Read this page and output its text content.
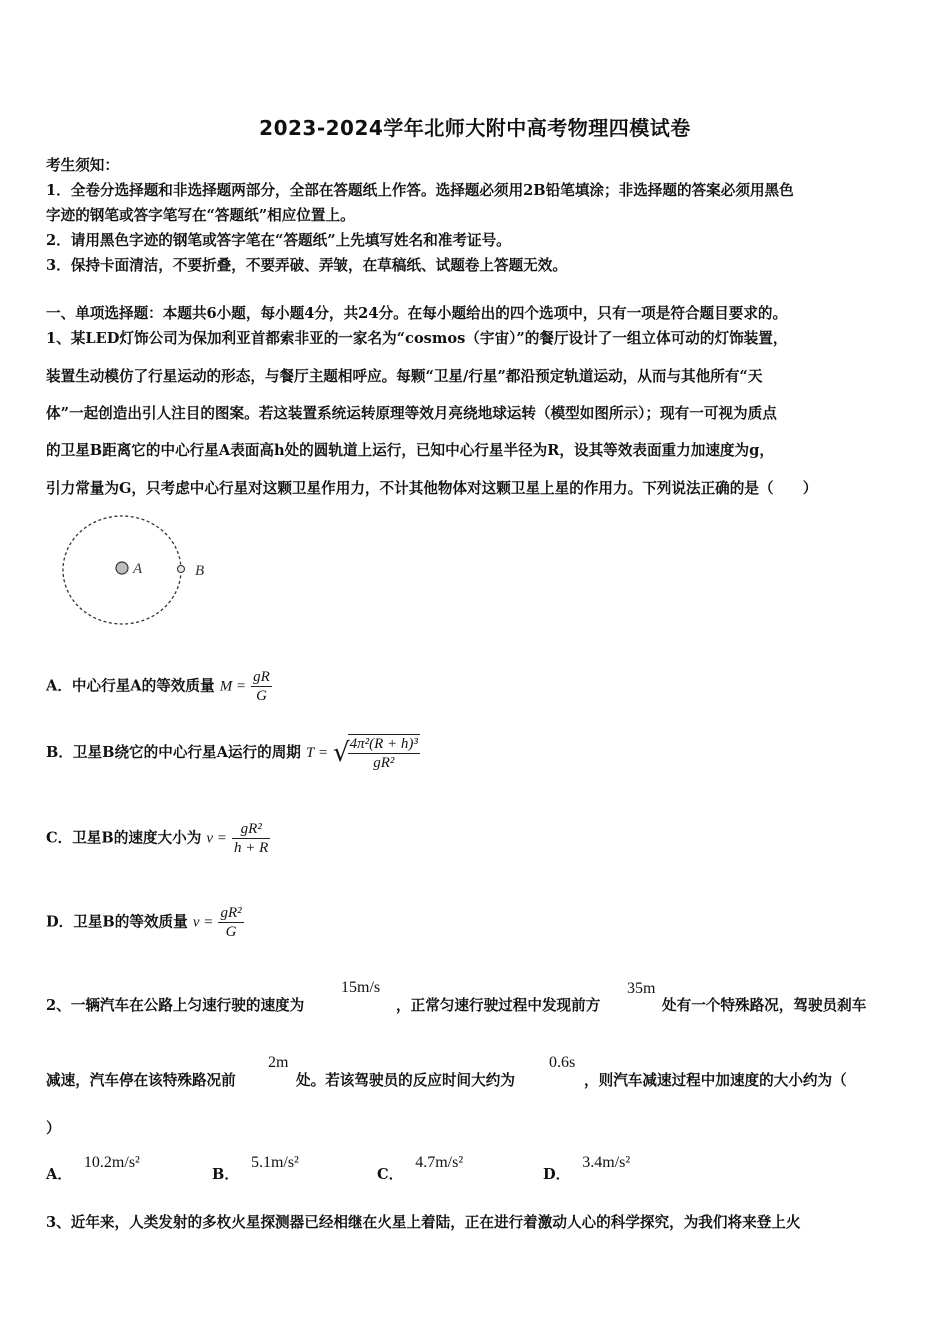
2023-2024学年北师大附中高考物理四模试卷
考生须知：
1．全卷分选择题和非选择题两部分，全部在答题纸上作答。选择题必须用2B铅笔填涂；非选择题的答案必须用黑色
字迹的钢笔或答字笔写在“答题纸”相应位置上。
2．请用黑色字迹的钢笔或答字笔在“答题纸”上先填写姓名和准考证号。
3．保持卡面清洁，不要折叠，不要弄破、弄皱，在草稿纸、试题卷上答题无效。
一、单项选择题：本题共6小题，每小题4分，共24分。在每小题给出的四个选项中，只有一项是符合题目要求的。
1、某LED灯饰公司为保加利亚首都索非亚的一家名为“cosmos（宇宙）”的餐厅设计了一组立体可动的灯饰装置，
装置生动模仿了行星运动的形态，与餐厅主题相呼应。每颗“卫星/行星”都沿预定轨道运动，从而与其他所有“天
体”一起创造出引人注目的图案。若这装置系统运转原理等效月亮绕地球运转（模型如图所示）；现有一可视为质点
的卫星B距离它的中心行星A表面高h处的圆轨道上运行，已知中心行星半径为R，设其等效表面重力加速度为g，
引力常量为G，只考虑中心行星对这颗卫星作用力，不计其他物体对这颗卫星上星的作用力。下列说法正确的是（　　）
A	B
A．中心行星A的等效质量 $M = \frac{gR}{G}$
B．卫星B绕它的中心行星A运行的周期 T = √
$\frac{\text{4π²(R + h)³}}{\text{gR²}}$
C．卫星B的速度大小为 $v = \frac{\text{gR²}}{h + R}$
D．卫星B的等效质量 $v = \frac{\text{gR²}}{G}$
2、一辆汽车在公路上匀速行驶的速度为
15m/s
，正常匀速行驶过程中发现前方
35m
处有一个特殊路况，驾驶员刹车
减速，汽车停在该特殊路况前
2m
处。若该驾驶员的反应时间大约为
0.6s
，则汽车减速过程中加速度的大小约为（
）
A．10.2m/s²
B．5.1m/s²
C．4.7m/s²
D．3.4m/s²
3、近年来，人类发射的多枚火星探测器已经相继在火星上着陆，正在进行着激动人心的科学探究，为我们将来登上火
